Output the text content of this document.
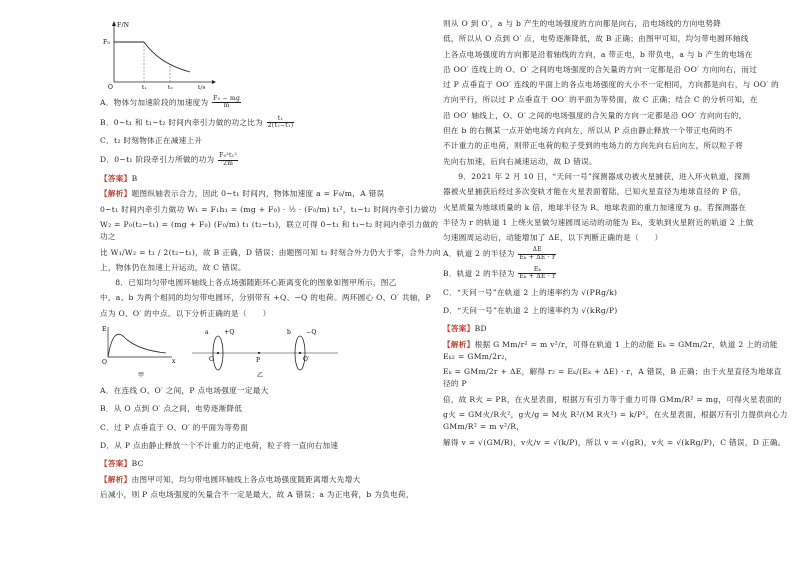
F/N
F₀
O	t₁	t₂	t/s

A．物体匀加速阶段的加速度为 $\frac{\text{F₀ − mg}}{m}$

B．0~t₁ 和 t₁~t₂ 时间内牵引力做的功之比为 $\frac{\text{t₁}}{\text{2(t₂−t₁)}}$

C．t₂ 时刻物体正在减速上升

D．0~t₁ 阶段牵引力所做的功为 $\frac{\text{F₀²t₁²}}{2m}$

【答案】B

【解析】题图纵轴表示合力，因此 0~t₁ 时间内，物体加速度 a = F₀/m，A 错误

0~t₁ 时间内牵引力做功 W₁ = F₁h₁ = (mg + F₀) · ½ · (F₀/m) t₁²，t₁~t₂ 时间内牵引力做功

W₂ = P₀(t₂−t₁) = (mg + F₀) (F₀/m) t₁ (t₂−t₁)，联立可得 0~t₁ 和 t₁~t₂ 时间内牵引力做的功之

比 W₁/W₂ = t₁ / 2(t₂−t₁)，故 B 正确，D 错误；由题图可知 t₂ 时刻合外力仍大于零，合外力向

上，物体仍在加速上升运动，故 C 错误。

8．已知均匀带电圆环轴线上各点场强随距环心距离变化的图象如图甲所示，图乙

中，a、b 为两个相同的均匀带电圆环，分别带有 +Q、−Q 的电荷。两环圆心 O、O′ 共轴，P

点为 O、O′ 的中点。以下分析正确的是（　　）

E
O	x
甲
a	+Q	b −Q
O	O′
P
乙

A．在连线 O、O′ 之间，P 点电场强度一定最大

B．从 O 点到 O′ 点之间，电势逐渐降低

C．过 P 点垂直于 O、O′ 的平面为等势面

D．从 P 点由静止释放一个不计重力的正电荷，粒子将一直向右加速

【答案】BC

【解析】由图甲可知，均匀带电圆环轴线上各点电场强度随距离增大先增大

后减小，则 P 点电场强度的矢量合不一定是最大，故 A 错误；a 为正电荷，b 为负电荷，

则从 O 到 O′，a 与 b 产生的电场强度的方向都是向右，沿电场线的方向电势降

低，所以从 O 点到 O′ 点，电势逐渐降低，故 B 正确；由图甲可知，均匀带电圆环轴线

上各点电场强度的方向都是沿着轴线的方向，a 带正电，b 带负电，a 与 b 产生的电场在

沿 OO′ 连线上的 O、O′ 之间的电场强度的合矢量的方向一定都是沿 OO′ 方向向右，而过

过 P 点垂直于 OO′ 连线的平面上的各点电场强度的大小不一定相同，方向都是向右，与 OO′ 的

方向平行，所以过 P 点垂直于 OO′ 的平面为等势面，故 C 正确；结合 C 的分析可知，在

沿 OO′ 轴线上，O、O′ 之间的电场强度的合矢量的方向一定都是沿 OO′ 方向向右的，

但在 b 的右侧某一点开始电场方向向左，所以从 P 点由静止释放一个带正电荷的不

不计重力的正电荷，则带正电荷的粒子受到的电场力的方向先向右后向左，所以粒子将

先向右加速，后向右减速运动，故 D 错误。

9．2021 年 2 月 10 日，“天问一号”探测器成功被火星捕获，进入环火轨道，探测

器被火星捕获后经过多次变轨才能在火星表面着陆，已知火星直径为地球直径的 P 倍，

火星质量为地球质量的 k 倍，地球半径为 R。地球表面的重力加速度为 g。若探测器在

半径为 r 的轨道 1 上绕火星做匀速圆周运动的动能为 Eₖ，变轨到火星附近的轨道 2 上做

匀速圆周运动后，动能增加了 ΔE，以下判断正确的是（　　）

A．轨道 2 的半径为 $\frac{\Delta E}{\text{Eₖ + ΔE · r}}$

B．轨道 2 的半径为 $\frac{\text{Eₖ}}{\text{Eₖ + ΔE · r}}$

C．“天问一号”在轨道 2 上的速率约为 √(PRg/k)

D．“天问一号”在轨道 2 上的速率约为 √(kRg/P)

【答案】BD

【解析】根据 G Mm/r² = m v²/r，可得在轨道 1 上的动能 Eₖ = GMm/2r，轨道 2 上的动能 Eₖ₂ = GMm/2r₂，

Eₖ = GMm/2r + ΔE，解得 r₂ = Eₖ/(Eₖ + ΔE) · r，A 错误，B 正确；由于火星直径为地球直径的 P

倍，故 R火 = PR，在火星表面，根据万有引力等于重力可得 GMm/R² = mg，可得火星表面的

g火 = GM火/R火²，g火/g = M火 R²/(M R火²) = k/P²，在火星表面，根据万有引力提供向心力 GMm/R² = m v²/R，

解得 v = √(GM/R)，v火/v = √(k/P)，所以 v = √(gR)，v火 = √(kRg/P)，C 错误，D 正确。
